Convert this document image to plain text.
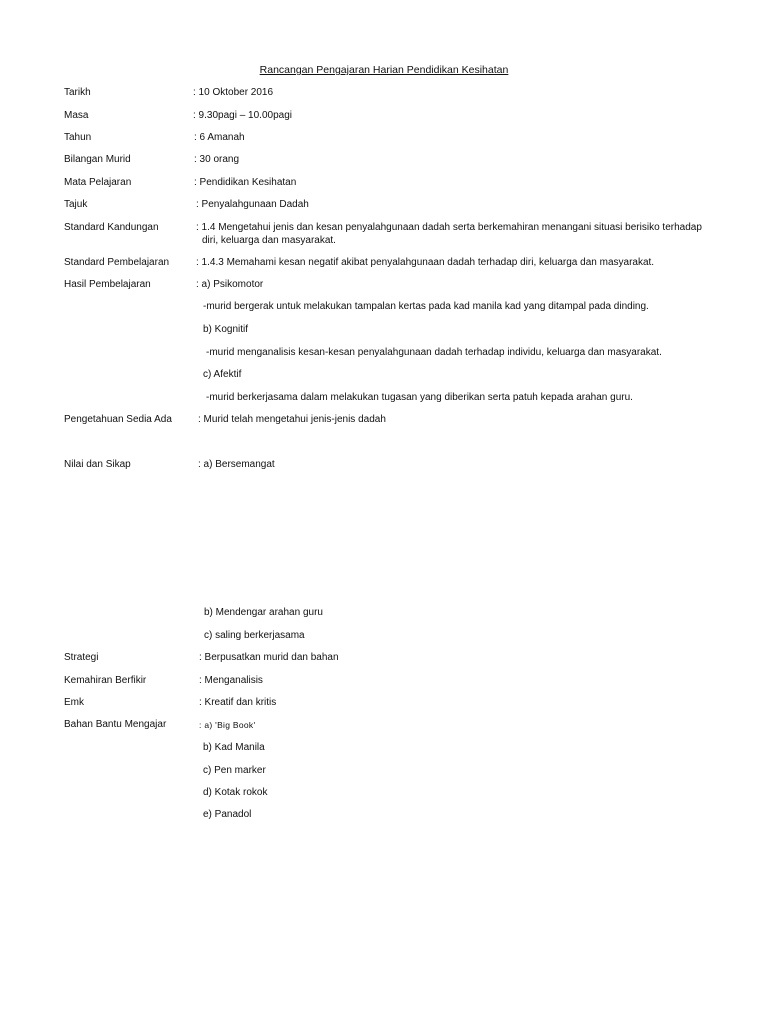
Rancangan Pengajaran Harian Pendidikan Kesihatan
Tarikh	: 10 Oktober 2016
Masa	: 9.30pagi – 10.00pagi
Tahun	: 6 Amanah
Bilangan Murid	: 30 orang
Mata Pelajaran	: Pendidikan Kesihatan
Tajuk	: Penyalahgunaan Dadah
Standard Kandungan	: 1.4 Mengetahui jenis dan kesan penyalahgunaan dadah serta berkemahiran menangani situasi berisiko terhadap
diri, keluarga dan masyarakat.
Standard Pembelajaran	: 1.4.3 Memahami kesan negatif akibat penyalahgunaan dadah terhadap diri, keluarga dan masyarakat.
Hasil Pembelajaran	: a) Psikomotor
-murid bergerak untuk melakukan tampalan kertas pada kad manila kad yang ditampal pada dinding.
b) Kognitif
-murid menganalisis kesan-kesan penyalahgunaan dadah terhadap individu, keluarga dan masyarakat.
c) Afektif
-murid berkerjasama dalam melakukan tugasan yang diberikan serta patuh kepada arahan guru.
Pengetahuan Sedia Ada	: Murid telah mengetahui jenis-jenis dadah
Nilai dan Sikap	: a) Bersemangat
b) Mendengar arahan guru
c) saling berkerjasama
Strategi	: Berpusatkan murid dan bahan
Kemahiran Berfikir	: Menganalisis
Emk	: Kreatif dan kritis
Bahan Bantu Mengajar	: a) 'Big Book'
b) Kad Manila
c) Pen marker
d) Kotak rokok
e) Panadol
